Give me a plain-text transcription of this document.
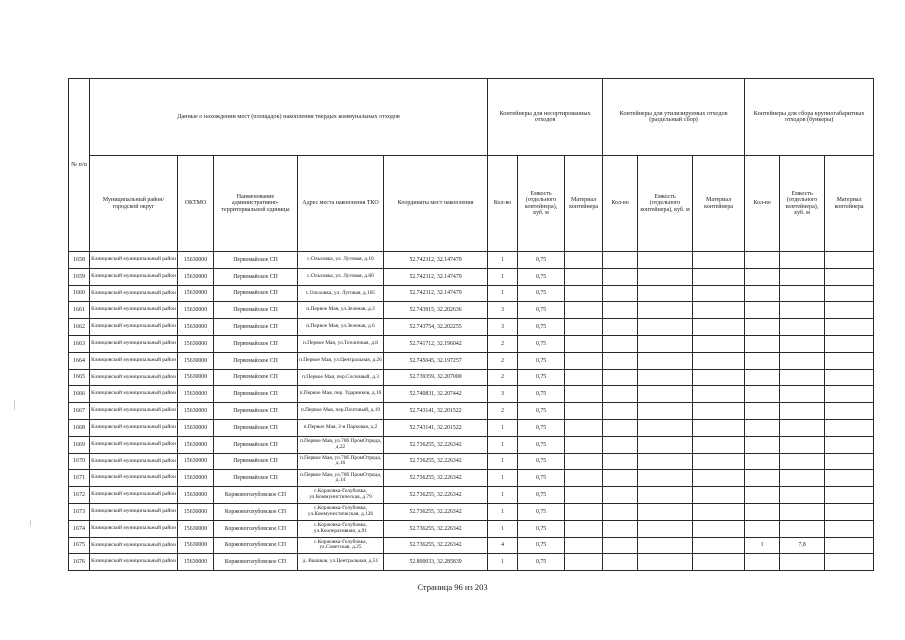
№ п/п	Данные о нахождении мест (площадок) накопления твердых коммунальных отходов					Контейнеры для несортированных отходов			Контейнеры для утилизируемых отходов (раздельный сбор)			Контейнеры для сбора крупногабаритных отходов (бункеры)		
	Муниципальный район/городской округ	ОКТМО	Наименование административно-территориальной единицы	Адрес места накопления ТКО	Координаты мест накопления	Кол-во	Емкость (отдельного контейнера), куб. м	Материал контейнера	Кол-во	Емкость (отдельного контейнера), куб. м	Материал контейнера	Кол-во	Емкость (отдельного контейнера), куб. м	Материал контейнера
1658	Клинцовский муниципальный район	15630000	Первомайское СП	с.Ольховка, ул. Луговая, д.10	52.742312, 32.147479	1	0,75							
1659	Клинцовский муниципальный район	15630000	Первомайское СП	с.Ольховка, ул. Луговая, д.80	52.742312, 32.147479	1	0,75							
1660	Клинцовский муниципальный район	15630000	Первомайское СП	с.Ольховка, ул. Луговая, д.105	52.742312, 32.147479	1	0,75							
1661	Клинцовский муниципальный район	15630000	Первомайское СП	п.Первое Мая, ул.Зеленая, д.3	52.743915, 32.202636	3	0,75							
1662	Клинцовский муниципальный район	15630000	Первомайское СП	п.Первое Мая, ул.Зеленая, д.6	52.743754, 32.202255	3	0,75							
1663	Клинцовский муниципальный район	15630000	Первомайское СП	п.Первое Мая, ул.Тепличная, д.8	52.741712, 32.196042	2	0,75							
1664	Клинцовский муниципальный район	15630000	Первомайское СП	п.Первое Мая, ул.Центральная, д.26	52.745045, 32.197257	2	0,75							
1665	Клинцовский муниципальный район	15630000	Первомайское СП	п.Первое Мая, пер.Сосновый, д.3	52.739359, 32.207000	2	0,75							
1666	Клинцовский муниципальный район	15630000	Первомайское СП	п.Первое Мая, пер. Ударников, д.16	52.740831, 32.207442	3	0,75							
1667	Клинцовский муниципальный район	15630000	Первомайское СП	п.Первое Мая, пер.Почтовый, д.19	52.743141, 32.201522	2	0,75							
1668	Клинцовский муниципальный район	15630000	Первомайское СП	п.Первое Мая, 2-я Парковая, д.2	52.743141, 32.201522	1	0,75							
1669	Клинцовский муниципальный район	15630000	Первомайское СП	п.Первое Мая, ул.70б ПромОтряда, д.22	52.736255, 32.226342	1	0,75							
1670	Клинцовский муниципальный район	15630000	Первомайское СП	п.Первое Мая, ул.70б ПромОтряда, д.16	52.736255, 32.226342	1	0,75							
1671	Клинцовский муниципальный район	15630000	Первомайское СП	п.Первое Мая, ул.70б ПромОтряда, д.14	52.736255, 32.226342	1	0,75							
1672	Клинцовский муниципальный район	15630000	Коржовоголубовское СП	с.Коржовка-Голубовка, ул.Коммунистическая, д.79	52.736255, 32.226342	1	0,75							
1673	Клинцовский муниципальный район	15630000	Коржовоголубовское СП	с.Коржовка-Голубовка, ул.Коммунистическая, д.126	52.736255, 32.226342	1	0,75							
1674	Клинцовский муниципальный район	15630000	Коржовоголубовское СП	с.Коржовка-Голубовка, ул.Кооперативная, д.91	52.736255, 32.226342	1	0,75							
1675	Клинцовский муниципальный район	15630000	Коржовоголубовское СП	с.Коржовка-Голубовка, ул.Советская, д.25	52.736255, 32.226342	4	0,75					1	7,8	
1676	Клинцовский муниципальный район	15630000	Коржовоголубовское СП	д. Вышков, ул.Центральная, д.51	52.800033, 32.285839	1	0,75							
Страница 96 из 203
